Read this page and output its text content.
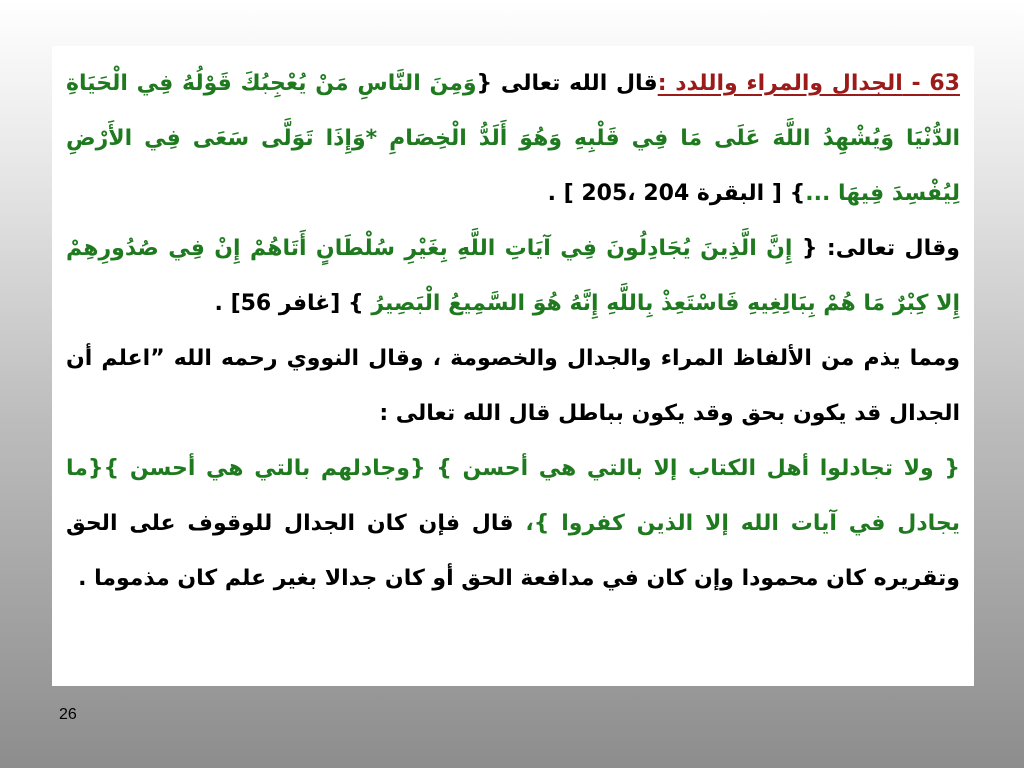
63 - الجدال والمراء واللدد :قال الله تعالى {وَمِنَ النَّاسِ مَنْ يُعْجِبُكَ قَوْلُهُ فِي الْحَيَاةِ الدُّنْيَا وَيُشْهِدُ اللَّهَ عَلَى مَا فِي قَلْبِهِ وَهُوَ أَلَدُّ الْخِصَامِ *وَإِذَا تَوَلَّى سَعَى فِي الأَرْضِ لِيُفْسِدَ فِيهَا ...} [ البقرة 204 ،205 ] .

وقال تعالى: { إِنَّ الَّذِينَ يُجَادِلُونَ فِي آيَاتِ اللَّهِ بِغَيْرِ سُلْطَانٍ أَتَاهُمْ إِنْ فِي صُدُورِهِمْ إِلا كِبْرٌ مَا هُمْ بِبَالِغِيهِ فَاسْتَعِذْ بِاللَّهِ إِنَّهُ هُوَ السَّمِيعُ الْبَصِيرُ } [غافر 56] .

ومما يذم من الألفاظ المراء والجدال والخصومة ، وقال النووي رحمه الله ”اعلم أن الجدال قد يكون بحق وقد يكون بباطل قال الله تعالى :

{ ولا تجادلوا أهل الكتاب إلا بالتي هي أحسن } {وجادلهم بالتي هي أحسن }{ما يجادل في آيات الله إلا الذين كفروا }، قال فإن كان الجدال للوقوف على الحق وتقريره كان محمودا وإن كان في مدافعة الحق أو كان جدالا بغير علم كان مذموما .

26
